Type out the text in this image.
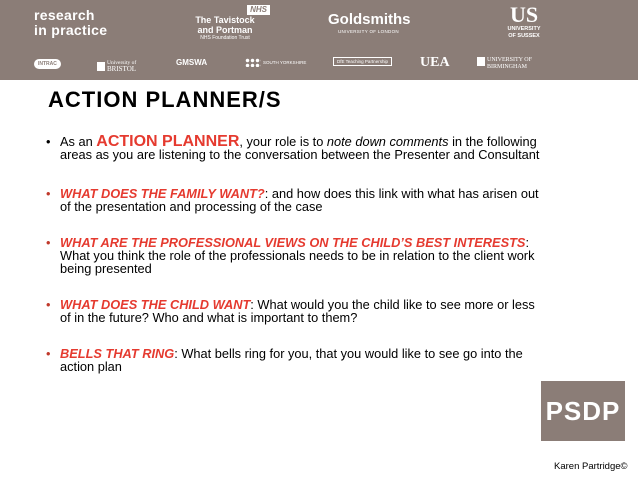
research
in practice
NHS
The Tavistock
and Portman
NHS Foundation Trust
Goldsmiths
UNIVERSITY OF LONDON
US
UNIVERSITY
OF SUSSEX
INTRAC	University of
BRISTOL
GMSWA	SOUTH YORKSHIRE	DfE Teaching Partnership UEA	UNIVERSITY OF
BIRMINGHAM
ACTION PLANNER/S
• As an ACTION PLANNER, your role is to note down comments in the following areas as you are listening to the conversation between the Presenter and Consultant
• WHAT DOES THE FAMILY WANT?: and how does this link with what has arisen out of the presentation and processing of the case
• WHAT ARE THE PROFESSIONAL VIEWS ON THE CHILD’S BEST INTERESTS: What you think the role of the professionals needs to be in relation to the client work being presented
• WHAT DOES THE CHILD WANT: What would you the child like to see more or less of in the future? Who and what is important to them?
• BELLS THAT RING: What bells ring for you, that you would like to see go into the action plan
PSDP
Karen Partridge©
